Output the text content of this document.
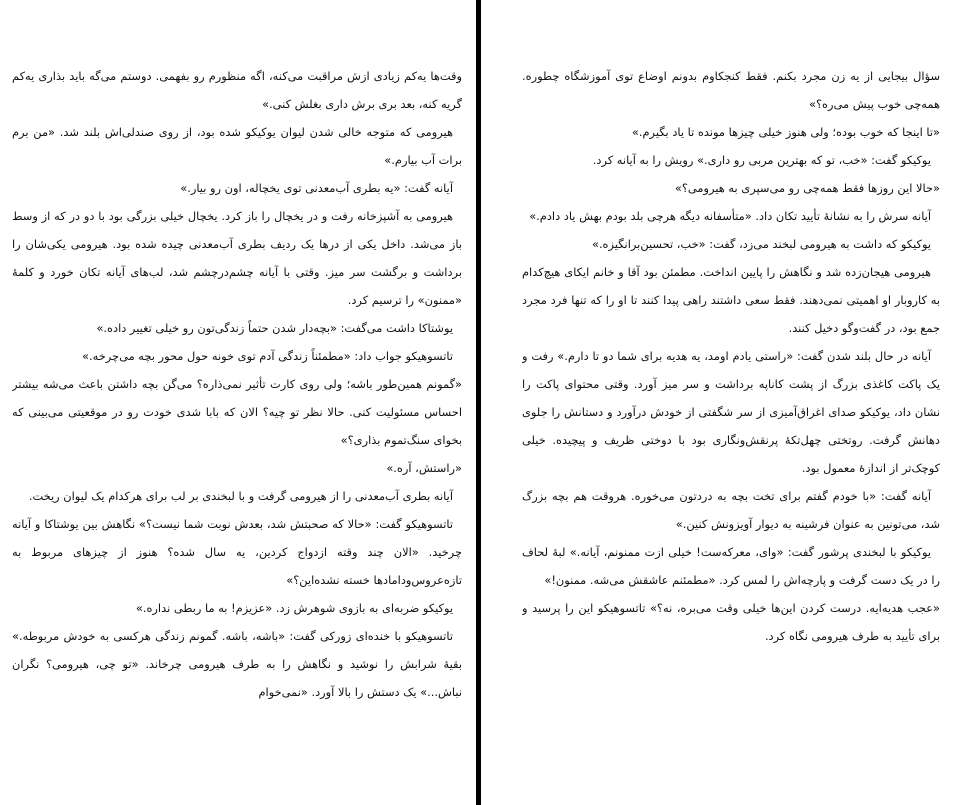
وقت‌ها یه‌کم زیادی ازش مراقبت می‌کنه، اگه منظورم رو بفهمی. دوستم می‌گه باید بذاری یه‌کم گریه کنه، بعد بری برش داری بغلش کنی.»

هیرومی که متوجه خالی شدن لیوان یوکیکو شده بود، از روی صندلی‌اش بلند شد. «من برم برات آب بیارم.»

آیانه گفت: «یه بطری آب‌معدنی توی یخچاله، اون رو بیار.»

هیرومی به آشپزخانه رفت و در یخچال را باز کرد. یخچال خیلی بزرگی بود با دو در که از وسط باز می‌شد. داخل یکی از درها یک ردیف بطری آب‌معدنی چیده شده بود. هیرومی یکی‌شان را برداشت و برگشت سر میز. وقتی با آیانه چشم‌درچشم شد، لب‌های آیانه تکان خورد و کلمهٔ «ممنون» را ترسیم کرد.

یوشتاکا داشت می‌گفت: «بچه‌دار شدن حتماً زندگی‌تون رو خیلی تغییر داده.»

تاتسوهیکو جواب داد: «مطمئناً زندگی آدم توی خونه حول محور بچه می‌چرخه.»

«گمونم همین‌طور باشه؛ ولی روی کارت تأثیر نمی‌ذاره؟ می‌گن بچه داشتن باعث می‌شه بیشتر احساس مسئولیت کنی. حالا نظر تو چیه؟ الان که بابا شدی خودت رو در موقعیتی می‌بینی که بخوای سنگ‌تموم بذاری؟»

«راستش، آره.»

آیانه بطری آب‌معدنی را از هیرومی گرفت و با لبخندی بر لب برای هرکدام یک لیوان ریخت.

تاتسوهیکو گفت: «حالا که صحبتش شد، بعدش نوبت شما نیست؟» نگاهش بین یوشتاکا و آیانه چرخید. «الان چند وقته ازدواج کردین، یه سال شده؟ هنوز از چیزهای مربوط به تازه‌عروس‌ودامادها خسته نشده‌این؟»

یوکیکو ضربه‌ای به بازوی شوهرش زد. «عزیزم! به ما ربطی نداره.»

تاتسوهیکو با خنده‌ای زورکی گفت: «باشه، باشه. گمونم زندگی هرکسی به خودش مربوطه.» بقیهٔ شرابش را نوشید و نگاهش را به طرف هیرومی چرخاند. «تو چی، هیرومی؟ نگران نباش...» یک دستش را بالا آورد. «نمی‌خوام

سؤال بیجایی از یه زن مجرد بکنم. فقط کنجکاوم بدونم اوضاع توی آموزشگاه چطوره. همه‌چی خوب پیش می‌ره؟»

«تا اینجا که خوب بوده؛ ولی هنوز خیلی چیزها مونده تا یاد بگیرم.»

یوکیکو گفت: «خب، تو که بهترین مربی رو داری.» رویش را به آیانه کرد.

«حالا این روزها فقط همه‌چی رو می‌سپری به هیرومی؟»

آیانه سرش را به نشانهٔ تأیید تکان داد. «متأسفانه دیگه هرچی بلد بودم بهش یاد دادم.»

یوکیکو که داشت به هیرومی لبخند می‌زد، گفت: «خب، تحسین‌برانگیزه.»

هیرومی هیجان‌زده شد و نگاهش را پایین انداخت. مطمئن بود آقا و خانم ایکای هیچ‌کدام به کاروبار او اهمیتی نمی‌دهند. فقط سعی داشتند راهی پیدا کنند تا او را که تنها فرد مجرد جمع بود، در گفت‌وگو دخیل کنند.

آیانه در حال بلند شدن گفت: «راستی یادم اومد، یه هدیه برای شما دو تا دارم.» رفت و یک پاکت کاغذی بزرگ از پشت کاناپه برداشت و سر میز آورد. وقتی محتوای پاکت را نشان داد، یوکیکو صدای اغراق‌آمیزی از سر شگفتی از خودش درآورد و دستانش را جلوی دهانش گرفت. روتختی چهل‌تکهٔ پرنقش‌ونگاری بود با دوختی ظریف و پیچیده. خیلی کوچک‌تر از اندازهٔ معمول بود.

آیانه گفت: «با خودم گفتم برای تخت بچه به دردتون می‌خوره. هروقت هم بچه بزرگ شد، می‌تونین به عنوان فرشینه به دیوار آویزونش کنین.»

یوکیکو با لبخندی پرشور گفت: «وای، معرکه‌ست! خیلی ازت ممنونم، آیانه.» لبهٔ لحاف را در یک دست گرفت و پارچه‌اش را لمس کرد. «مطمئنم عاشقش می‌شه. ممنون!»

«عجب هدیه‌ایه. درست کردن این‌ها خیلی وقت می‌بره، نه؟» تاتسوهیکو این را پرسید و برای تأیید به طرف هیرومی نگاه کرد.
